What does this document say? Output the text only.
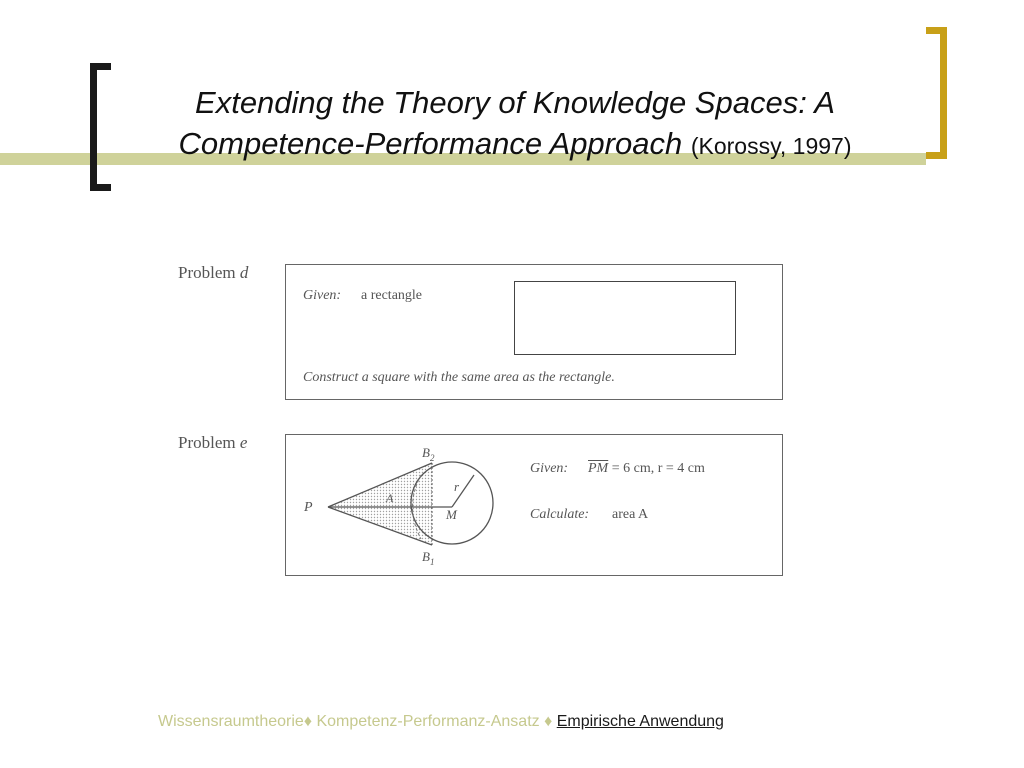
Extending the Theory of Knowledge Spaces: A Competence-Performance Approach (Korossy, 1997)
Problem d
Given: a rectangle
Construct a square with the same area as the rectangle.
Problem e
P	M
A
r
$B_2$
$B_1$
Given: $\overline{PM} = 6$ cm, r = 4 cm
Calculate: area A
Wissensraumtheorie♦ Kompetenz-Performanz-Ansatz ♦ Empirische Anwendung
